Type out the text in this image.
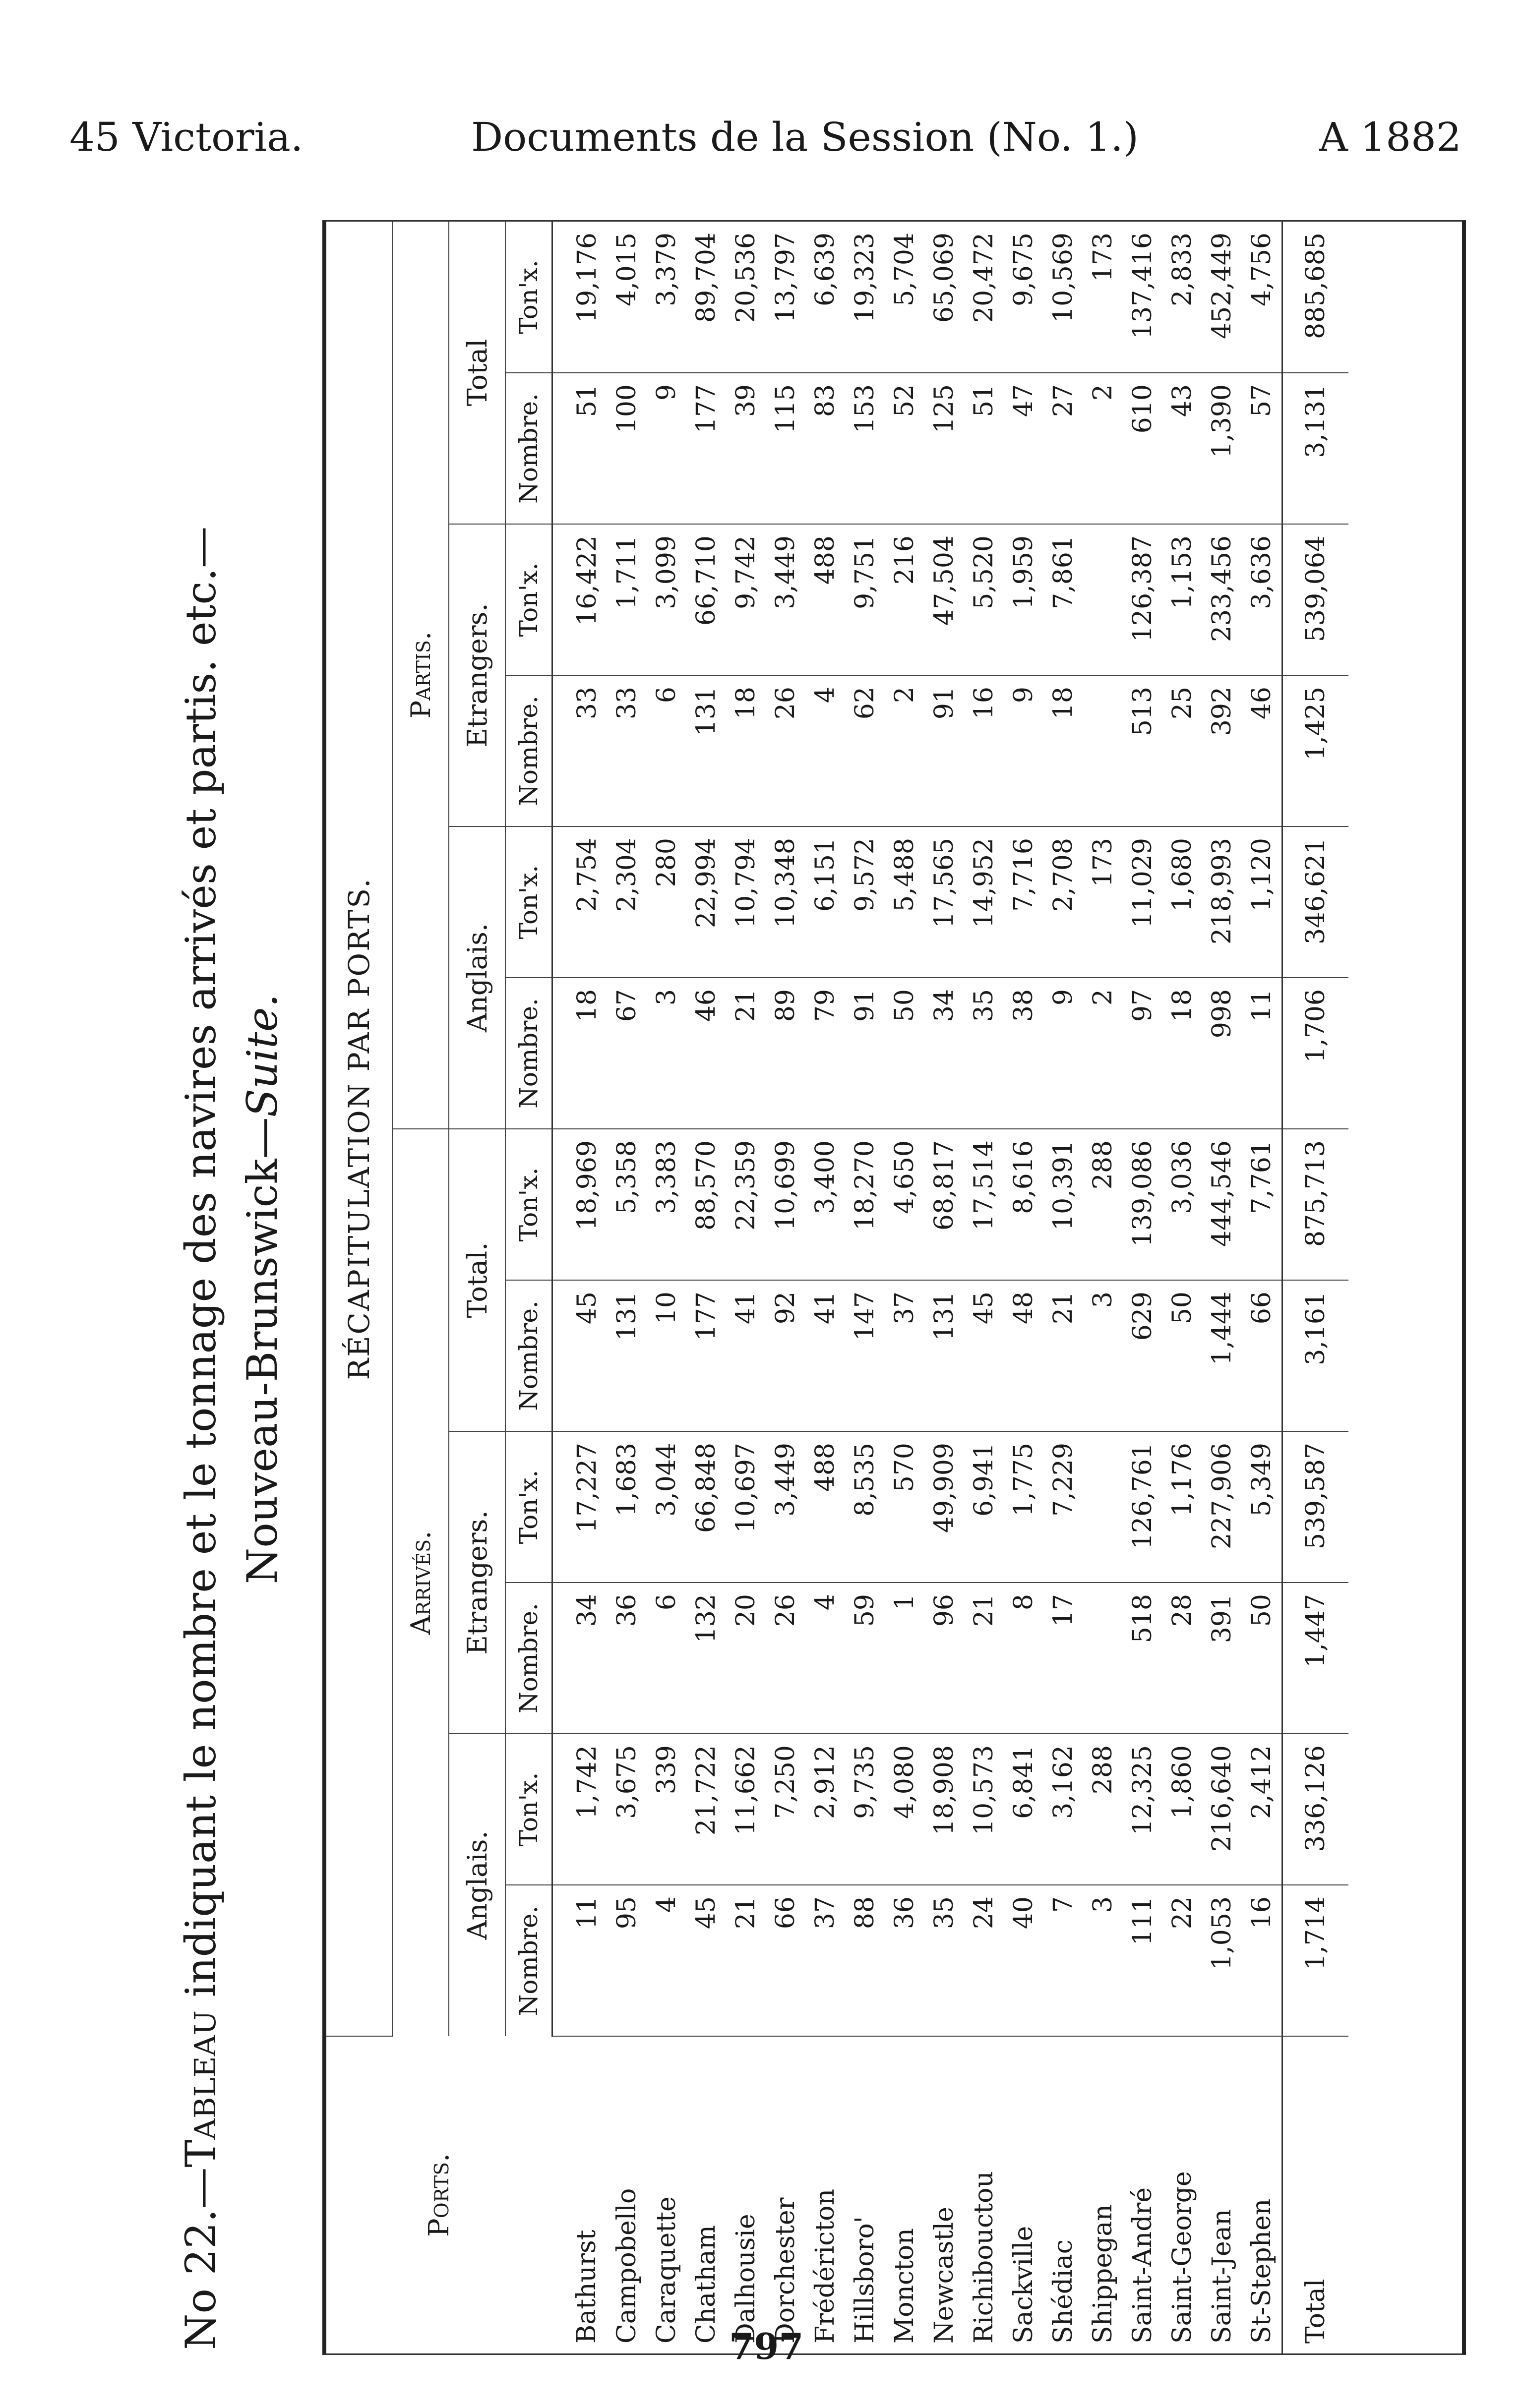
45 Victoria.	Documents de la Session (No. 1.)	A 1882
No 22.—Tableau indiquant le nombre et le tonnage des navires arrivés et partis. etc.— Nouveau-Brunswick—Suite.
Ports.	RÉCAPITULATION PAR PORTS.											
	Arrivés.						Partis.					
	Anglais.		Etrangers.		Total.		Anglais.		Etrangers.		Total	
	Nombre.	Ton'x.	Nombre.	Ton'x.	Nombre.	Ton'x.	Nombre.	Ton'x.	Nombre.	Ton'x.	Nombre.	Ton'x.
Bathurst	11	1,742	34	17,227	45	18,969	18	2,754	33	16,422	51	19,176
Campobello	95	3,675	36	1,683	131	5,358	67	2,304	33	1,711	100	4,015
Caraquette	4	339	6	3,044	10	3,383	3	280	6	3,099	9	3,379
Chatham	45	21,722	132	66,848	177	88,570	46	22,994	131	66,710	177	89,704
Dalhousie	21	11,662	20	10,697	41	22,359	21	10,794	18	9,742	39	20,536
Dorchester	66	7,250	26	3,449	92	10,699	89	10,348	26	3,449	115	13,797
Frédéricton	37	2,912	4	488	41	3,400	79	6,151	4	488	83	6,639
Hillsboro'	88	9,735	59	8,535	147	18,270	91	9,572	62	9,751	153	19,323
Moncton	36	4,080	1	570	37	4,650	50	5,488	2	216	52	5,704
Newcastle	35	18,908	96	49,909	131	68,817	34	17,565	91	47,504	125	65,069
Richibouctou	24	10,573	21	6,941	45	17,514	35	14,952	16	5,520	51	20,472
Sackville	40	6,841	8	1,775	48	8,616	38	7,716	9	1,959	47	9,675
Shédiac	7	3,162	17	7,229	21	10,391	9	2,708	18	7,861	27	10,569
Shippegan	3	288			3	288	2	173			2	173
Saint-André	111	12,325	518	126,761	629	139,086	97	11,029	513	126,387	610	137,416
Saint-George	22	1,860	28	1,176	50	3,036	18	1,680	25	1,153	43	2,833
Saint-Jean	1,053	216,640	391	227,906	1,444	444,546	998	218,993	392	233,456	1,390	452,449
St-Stephen	16	2,412	50	5,349	66	7,761	11	1,120	46	3,636	57	4,756
Total	1,714	336,126	1,447	539,587	3,161	875,713	1,706	346,621	1,425	539,064	3,131	885,685
797
